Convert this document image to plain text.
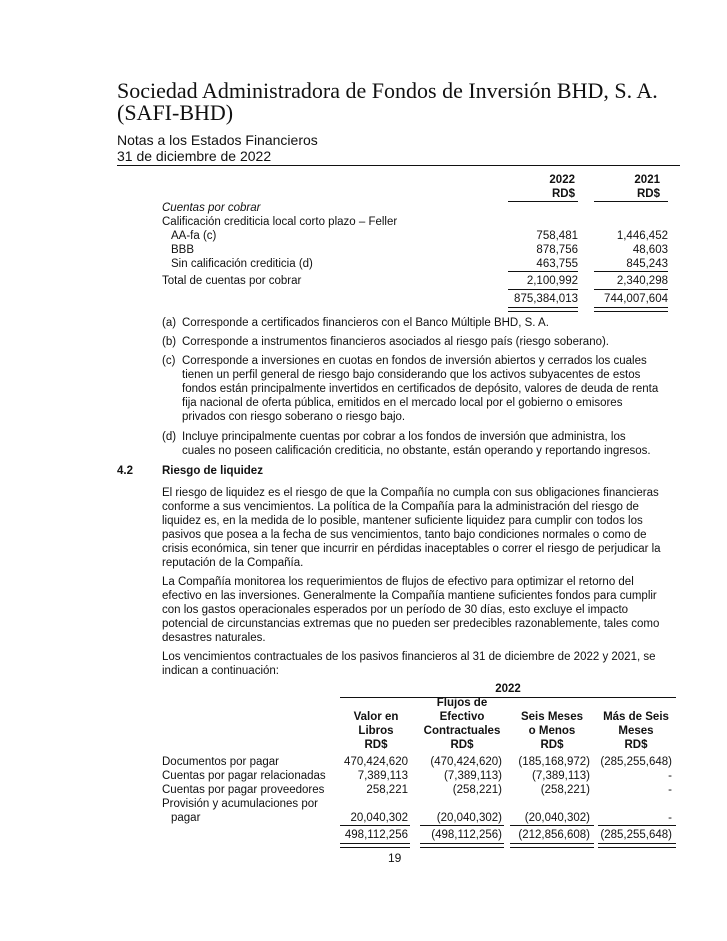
Sociedad Administradora de Fondos de Inversión BHD, S. A.
(SAFI-BHD)
Notas a los Estados Financieros
31 de diciembre de 2022
2022	2021
RD$	RD$
Cuentas por cobrar
Calificación crediticia local corto plazo – Feller
AA-fa (c)	758,481	1,446,452
BBB	878,756	48,603
Sin calificación crediticia (d)	463,755	845,243
Total de cuentas por cobrar	2,100,992	2,340,298
875,384,013	744,007,604
(a) Corresponde a certificados financieros con el Banco Múltiple BHD, S. A.
(b) Corresponde a instrumentos financieros asociados al riesgo país (riesgo soberano).
(c) Corresponde a inversiones en cuotas en fondos de inversión abiertos y cerrados los cuales
tienen un perfil general de riesgo bajo considerando que los activos subyacentes de estos
fondos están principalmente invertidos en certificados de depósito, valores de deuda de renta
fija nacional de oferta pública, emitidos en el mercado local por el gobierno o emisores
privados con riesgo soberano o riesgo bajo.
(d) Incluye principalmente cuentas por cobrar a los fondos de inversión que administra, los
cuales no poseen calificación crediticia, no obstante, están operando y reportando ingresos.
4.2	Riesgo de liquidez
El riesgo de liquidez es el riesgo de que la Compañía no cumpla con sus obligaciones financieras
conforme a sus vencimientos. La política de la Compañía para la administración del riesgo de
liquidez es, en la medida de lo posible, mantener suficiente liquidez para cumplir con todos los
pasivos que posea a la fecha de sus vencimientos, tanto bajo condiciones normales o como de
crisis económica, sin tener que incurrir en pérdidas inaceptables o correr el riesgo de perjudicar la
reputación de la Compañía.
La Compañía monitorea los requerimientos de flujos de efectivo para optimizar el retorno del
efectivo en las inversiones. Generalmente la Compañía mantiene suficientes fondos para cumplir
con los gastos operacionales esperados por un período de 30 días, esto excluye el impacto
potencial de circunstancias extremas que no pueden ser predecibles razonablemente, tales como
desastres naturales.
Los vencimientos contractuales de los pasivos financieros al 31 de diciembre de 2022 y 2021, se
indican a continuación:
2022
Valor en
Libros
RD$
Flujos de
Efectivo
Contractuales
RD$
Seis Meses
o Menos
RD$
Más de Seis
Meses
RD$
Documentos por pagar	470,424,620	(470,424,620)	(185,168,972) (285,255,648)
Cuentas por pagar relacionadas	7,389,113	(7,389,113)	(7,389,113)	-
Cuentas por pagar proveedores	258,221	(258,221)	(258,221)	-
Provisión y acumulaciones por
pagar	20,040,302	(20,040,302)	(20,040,302)	-
498,112,256	(498,112,256)	(212,856,608) (285,255,648)
19
